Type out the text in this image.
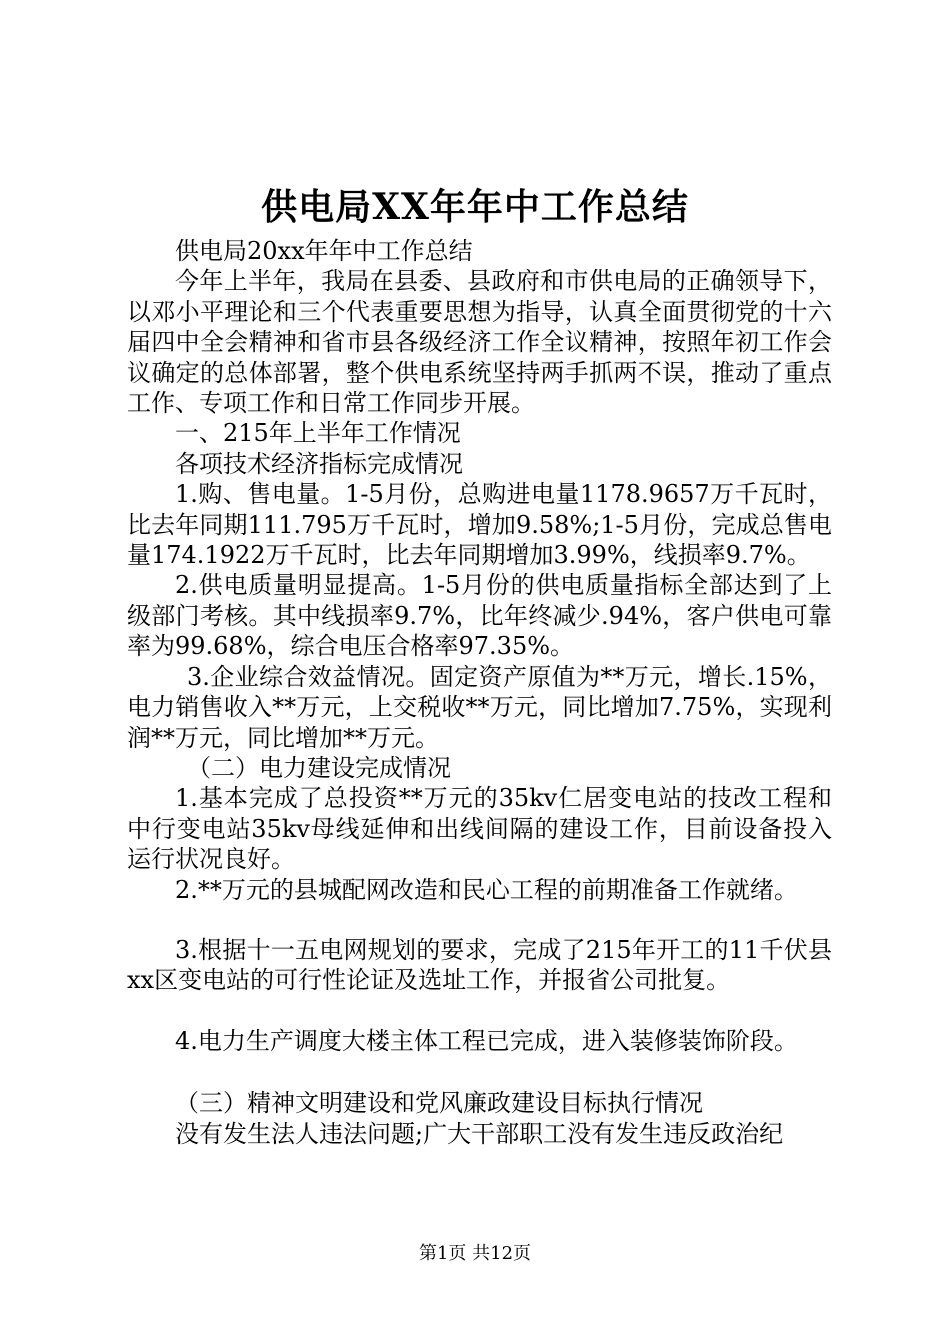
供电局XX年年中工作总结

供电局20xx年年中工作总结

今年上半年，我局在县委、县政府和市供电局的正确领导下，以邓小平理论和三个代表重要思想为指导，认真全面贯彻党的十六届四中全会精神和省市县各级经济工作全议精神，按照年初工作会议确定的总体部署，整个供电系统坚持两手抓两不误，推动了重点工作、专项工作和日常工作同步开展。

一、215年上半年工作情况

各项技术经济指标完成情况

1.购、售电量。1-5月份，总购进电量1178.9657万千瓦时，比去年同期111.795万千瓦时，增加9.58%;1-5月份，完成总售电量174.1922万千瓦时，比去年同期增加3.99%，线损率9.7%。

2.供电质量明显提高。1-5月份的供电质量指标全部达到了上级部门考核。其中线损率9.7%，比年终减少.94%，客户供电可靠率为99.68%，综合电压合格率97.35%。

3.企业综合效益情况。固定资产原值为**万元，增长.15%，电力销售收入**万元，上交税收**万元，同比增加7.75%，实现利润**万元，同比增加**万元。

（二）电力建设完成情况

1.基本完成了总投资**万元的35kv仁居变电站的技改工程和中行变电站35kv母线延伸和出线间隔的建设工作，目前设备投入运行状况良好。

2.**万元的县城配网改造和民心工程的前期准备工作就绪。

3.根据十一五电网规划的要求，完成了215年开工的11千伏县xx区变电站的可行性论证及选址工作，并报省公司批复。

4.电力生产调度大楼主体工程已完成，进入装修装饰阶段。

（三）精神文明建设和党风廉政建设目标执行情况

没有发生法人违法问题;广大干部职工没有发生违反政治纪

第1页 共12页
